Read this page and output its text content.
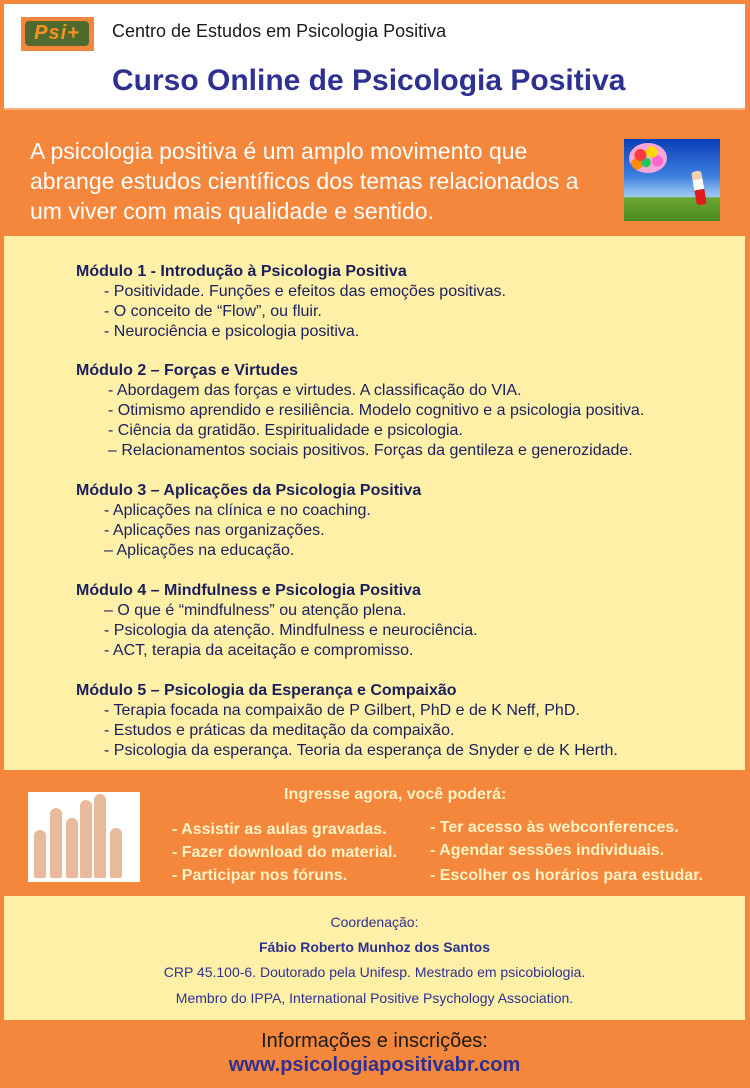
Psi+	Centro de Estudos em Psicologia Positiva
Curso Online de Psicologia Positiva
A psicologia positiva é um amplo movimento que
abrange estudos científicos dos temas relacionados a
um viver com mais qualidade e sentido.
Módulo 1 - Introdução à Psicologia Positiva
- Positividade. Funções e efeitos das emoções positivas.
- O conceito de “Flow”, ou fluir.
- Neurociência e psicologia positiva.
Módulo 2 – Forças e Virtudes
- Abordagem das forças e virtudes. A classificação do VIA.
- Otimismo aprendido e resiliência. Modelo cognitivo e a psicologia positiva.
- Ciência da gratidão. Espiritualidade e psicologia.
– Relacionamentos sociais positivos. Forças da gentileza e generozidade.
Módulo 3 – Aplicações da Psicologia Positiva
- Aplicações na clínica e no coaching.
- Aplicações nas organizações.
– Aplicações na educação.
Módulo 4 – Mindfulness e Psicologia Positiva
– O que é “mindfulness” ou atenção plena.
- Psicologia da atenção. Mindfulness e neurociência.
- ACT, terapia da aceitação e compromisso.
Módulo 5 – Psicologia da Esperança e Compaixão
- Terapia focada na compaixão de P Gilbert, PhD e de K Neff, PhD.
- Estudos e práticas da meditação da compaixão.
- Psicologia da esperança. Teoria da esperança de Snyder e de K Herth.
Ingresse agora, você poderá:
- Assistir as aulas gravadas.
- Fazer download do material.
- Participar nos fóruns.
- Ter acesso às webconferences.
- Agendar sessões individuais.
- Escolher os horários para estudar.
Coordenação:
Fábio Roberto Munhoz dos Santos
CRP 45.100-6. Doutorado pela Unifesp. Mestrado em psicobiologia.
Membro do IPPA, International Positive Psychology Association.
Informações e inscrições:
www.psicologiapositivabr.com
